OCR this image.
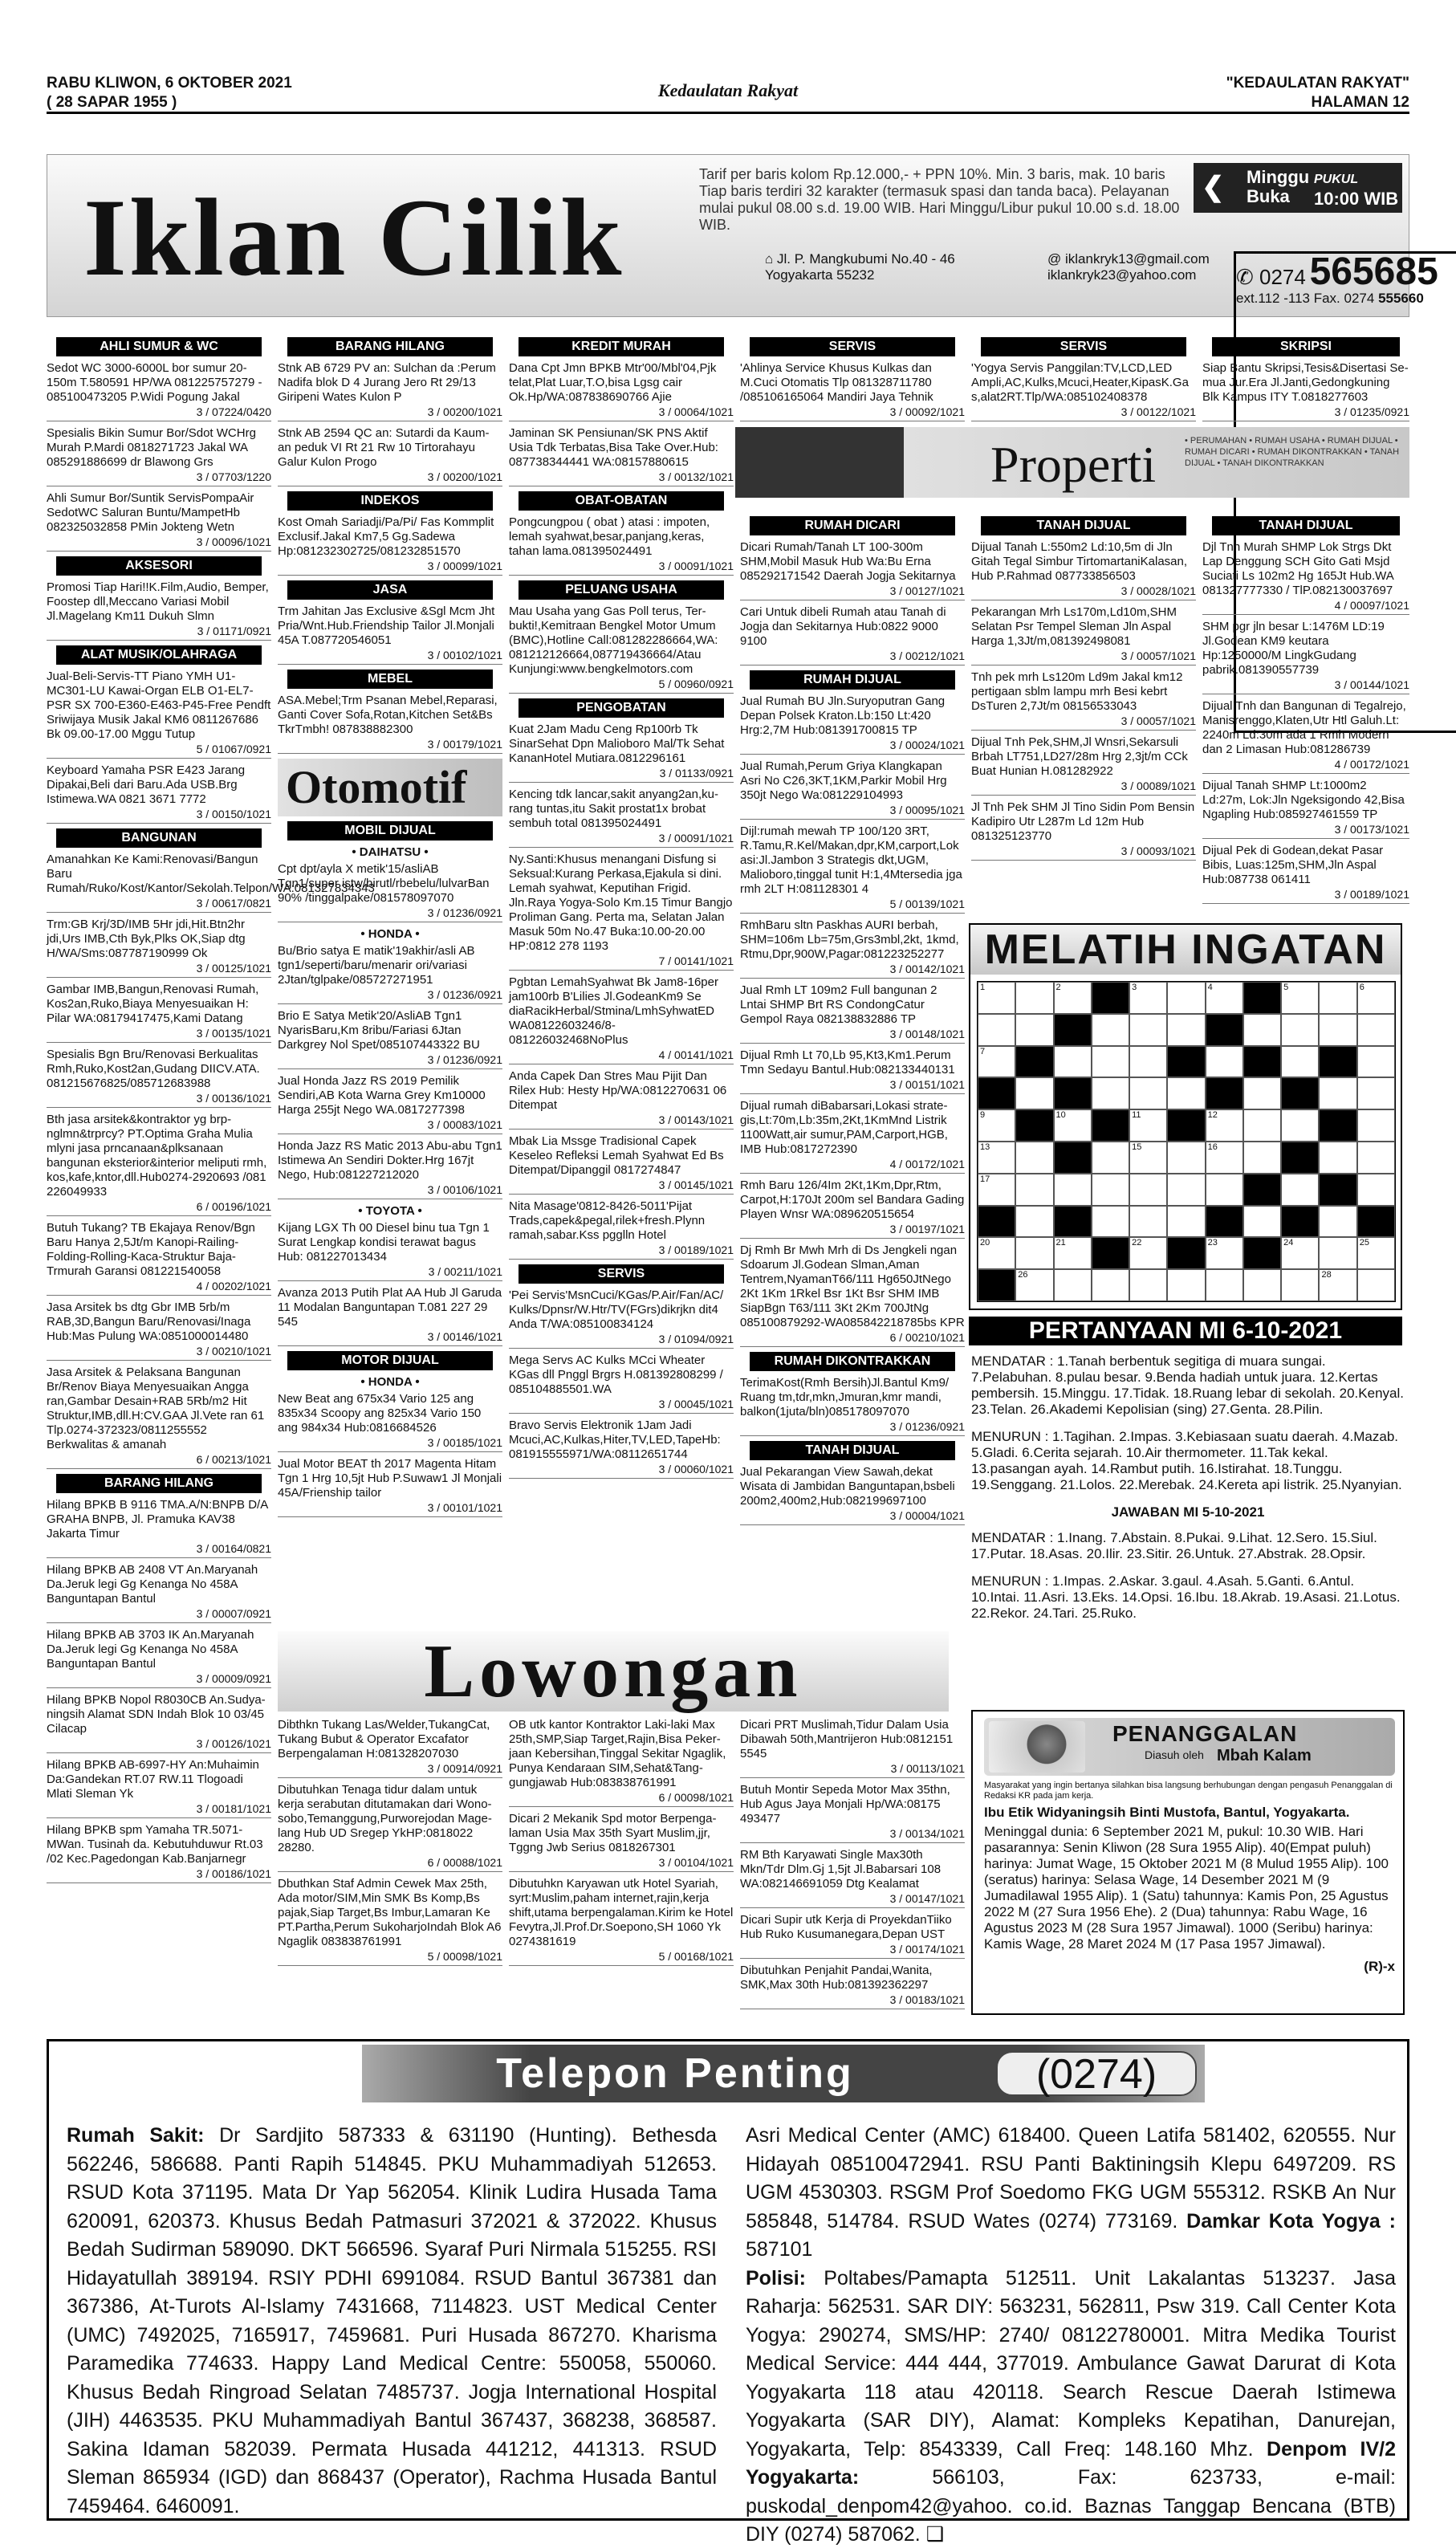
RABU KLIWON, 6 OKTOBER 2021
( 28 SAPAR 1955 )
Kedaulatan Rakyat	"KEDAULATAN RAKYAT"
HALAMAN 12
Iklan Cilik
Tarif per baris kolom Rp.12.000,- + PPN 10%. Min. 3 baris, mak. 10 baris Tiap baris terdiri 32 karakter (termasuk spasi dan tanda baca). Pelayanan mulai pukul 08.00 s.d. 19.00 WIB. Hari Minggu/Libur pukul 10.00 s.d. 18.00 WIB.
❮ Minggu
Buka
PUKUL
10:00 WIB
⌂ Jl. P. Mangkubumi No.40 - 46 Yogyakarta 55232
@ iklankryk13@gmail.com
iklankryk23@yahoo.com	✆ 0274 565685
ext.112 -113 Fax. 0274 555660
AHLI SUMUR & WC
Sedot WC 3000-6000L bor sumur 20-150m T.580591 HP/WA 081225757279 - 085100473205 P.Widi Pogung Jakal
3 / 07224/0420
Spesialis Bikin Sumur Bor/Sdot WCHrg Murah P.Mardi 0818271723 Jakal WA 085291886699 dr Blawong Grs
3 / 07703/1220
Ahli Sumur Bor/Suntik ServisPompaAir SedotWC Saluran Buntu/MampetHb 082325032858 PMin Jokteng Wetn
3 / 00096/1021
AKSESORI
Promosi Tiap Hari!!K.Film,Audio, Bemper, Foostep dll,Meccano Variasi Mobil Jl.Magelang Km11 Dukuh Slmn
3 / 01171/0921
ALAT MUSIK/OLAHRAGA
Jual-Beli-Servis-TT Piano YMH U1-MC301-LU Kawai-Organ ELB O1-EL7-PSR SX 700-E360-E463-P45-Free Pendft Sriwijaya Musik Jakal KM6 0811267686 Bk 09.00-17.00 Mggu Tutup
5 / 01067/0921
Keyboard Yamaha PSR E423 Jarang Dipakai,Beli dari Baru.Ada USB.Brg Istimewa.WA 0821 3671 7772
3 / 00150/1021
BANGUNAN
Amanahkan Ke Kami:Renovasi/Bangun Baru Rumah/Ruko/Kost/Kantor/Sekolah.Telpon/WA:081327834343
3 / 00617/0821
Trm:GB Krj/3D/IMB 5Hr jdi,Hit.Btn2hr jdi,Urs IMB,Cth Byk,Plks OK,Siap dtg H/WA/Sms:087787190999 Ok
3 / 00125/1021
Gambar IMB,Bangun,Renovasi Rumah, Kos2an,Ruko,Biaya Menyesuaikan H: Pilar WA:08179417475,Kami Datang
3 / 00135/1021
Spesialis Bgn Bru/Renovasi Berkualitas Rmh,Ruko,Kost2an,Gudang DIICV.ATA. 081215676825/085712683988
3 / 00136/1021
Bth jasa arsitek&kontraktor yg brp-nglmn&trprcy? PT.Optima Graha Mulia mlyni jasa prncanaan&plksanaan bangunan eksterior&interior meliputi rmh, kos,kafe,kntor,dll.Hub0274-2920693 /081 226049933
6 / 00196/1021
Butuh Tukang? TB Ekajaya Renov/Bgn Baru Hanya 2,5Jt/m Kanopi-Railing-Folding-Rolling-Kaca-Struktur Baja-Trmurah Garansi 081221540058
4 / 00202/1021
Jasa Arsitek bs dtg Gbr IMB 5rb/m RAB,3D,Bangun Baru/Renovasi/Inaga Hub:Mas Pulung WA:0851000014480
3 / 00210/1021
Jasa Arsitek & Pelaksana Bangunan Br/Renov Biaya Menyesuaikan Angga ran,Gambar Desain+RAB 5Rb/m2 Hit Struktur,IMB,dll.H:CV.GAA Jl.Vete ran 61 Tlp.0274-372323/0811255552 Berkwalitas & amanah
6 / 00213/1021
BARANG HILANG
Hilang BPKB B 9116 TMA.A/N:BNPB D/A GRAHA BNPB, Jl. Pramuka KAV38 Jakarta Timur
3 / 00164/0821
Hilang BPKB AB 2408 VT An.Maryanah Da.Jeruk legi Gg Kenanga No 458A Banguntapan Bantul
3 / 00007/0921
Hilang BPKB AB 3703 IK An.Maryanah Da.Jeruk legi Gg Kenanga No 458A Banguntapan Bantul
3 / 00009/0921
Hilang BPKB Nopol R8030CB An.Sudya-ningsih Alamat SDN Indah Blok 10 03/45 Cilacap
3 / 00126/1021
Hilang BPKB AB-6997-HY An:Muhaimin Da:Gandekan RT.07 RW.11 Tlogoadi Mlati Sleman Yk
3 / 00181/1021
Hilang BPKB spm Yamaha TR.5071-MWan. Tusinah da. Kebutuhduwur Rt.03 /02 Kec.Pagedongan Kab.Banjarnegr
3 / 00186/1021
BARANG HILANG
Stnk AB 6729 PV an: Sulchan da :Perum Nadifa blok D 4 Jurang Jero Rt 29/13 Giripeni Wates Kulon P
3 / 00200/1021
Stnk AB 2594 QC an: Sutardi da Kaum-an peduk VI Rt 21 Rw 10 Tirtorahayu Galur Kulon Progo
3 / 00200/1021
INDEKOS
Kost Omah Sariadji/Pa/Pi/ Fas Kommplit Exclusif.Jakal Km7,5 Gg.Sadewa Hp:081232302725/081232851570
3 / 00099/1021
JASA
Trm Jahitan Jas Exclusive &Sgl Mcm Jht Pria/Wnt.Hub.Friendship Tailor Jl.Monjali 45A T.087720546051
3 / 00102/1021
MEBEL
ASA.Mebel;Trm Psanan Mebel,Reparasi, Ganti Cover Sofa,Rotan,Kitchen Set&Bs TkrTmbh! 087838882300
3 / 00179/1021
Otomotif
MOBIL DIJUAL
• DAIHATSU •
Cpt dpt/ayla X metik'15/asliAB Tgn1/super istw/birutl/rbebelu/lulvarBan 90% /tinggalpake/081578097070
3 / 01236/0921
• HONDA •
Bu/Brio satya E matik'19akhir/asli AB tgn1/seperti/baru/menarir ori/variasi 2Jtan/tglpake/085727271951
3 / 01236/0921
Brio E Satya Metik'20/AsliAB Tgn1 NyarisBaru,Km 8ribu/Fariasi 6Jtan Darkgrey Nol Spet/085107443322 BU
3 / 01236/0921
Jual Honda Jazz RS 2019 Pemilik Sendiri,AB Kota Warna Grey Km10000 Harga 255jt Nego WA.0817277398
3 / 00083/1021
Honda Jazz RS Matic 2013 Abu-abu Tgn1 Istimewa An Sendiri Dokter.Hrg 167jt Nego, Hub:081227212020
3 / 00106/1021
• TOYOTA •
Kijang LGX Th 00 Diesel binu tua Tgn 1 Surat Lengkap kondisi terawat bagus Hub: 081227013434
3 / 00211/1021
Avanza 2013 Putih Plat AA Hub Jl Garuda 11 Modalan Banguntapan T.081 227 29 545
3 / 00146/1021
MOTOR DIJUAL
• HONDA •
New Beat ang 675x34 Vario 125 ang 835x34 Scoopy ang 825x34 Vario 150 ang 984x34 Hub:0816684526
3 / 00185/1021
Jual Motor BEAT th 2017 Magenta Hitam Tgn 1 Hrg 10,5jt Hub P.Suwaw1 Jl Monjali 45A/Frienship tailor
3 / 00101/1021
KREDIT MURAH
Dana Cpt Jmn BPKB Mtr'00/Mbl'04,Pjk telat,Plat Luar,T.O,bisa Lgsg cair Ok.Hp/WA:087838690766 Ajie
3 / 00064/1021
Jaminan SK Pensiunan/SK PNS Aktif Usia Tdk Terbatas,Bisa Take Over.Hub: 087738344441 WA:08157880615
3 / 00132/1021
OBAT-OBATAN
Pongcungpou ( obat ) atasi : impoten, lemah syahwat,besar,panjang,keras, tahan lama.081395024491
3 / 00091/1021
PELUANG USAHA
Mau Usaha yang Gas Poll terus, Ter-bukti!,Kemitraan Bengkel Motor Umum (BMC),Hotline Call:081282286664,WA: 081212126664,087719436664/Atau Kunjungi:www.bengkelmotors.com
5 / 00960/0921
PENGOBATAN
Kuat 2Jam Madu Ceng Rp100rb Tk SinarSehat Dpn Malioboro Mal/Tk Sehat KananHotel Mutiara.0812296161
3 / 01133/0921
Kencing tdk lancar,sakit anyang2an,ku-rang tuntas,itu Sakit prostat1x brobat sembuh total 081395024491
3 / 00091/1021
Ny.Santi:Khusus menangani Disfung si Seksual:Kurang Perkasa,Ejakula si dini. Lemah syahwat, Keputihan Frigid. Jln.Raya Yogya-Solo Km.15 Timur Bangjo Proliman Gang. Perta ma, Selatan Jalan Masuk 50m No.47 Buka:10.00-20.00 HP:0812 278 1193
7 / 00141/1021
Pgbtan LemahSyahwat Bk Jam8-16per jam100rb B'Lilies Jl.GodeanKm9 Se diaRacikHerbal/Stmina/LmhSyhwatED WA08122603246/8-081226032468NoPlus
4 / 00141/1021
Anda Capek Dan Stres Mau Pijit Dan Rilex Hub: Hesty Hp/WA:0812270631 06 Ditempat
3 / 00143/1021
Mbak Lia Mssge Tradisional Capek Keseleo Refleksi Lemah Syahwat Ed Bs Ditempat/Dipanggil 0817274847
3 / 00145/1021
Nita Masage'0812-8426-5011'Pijat Trads,capek&pegal,rilek+fresh.Plynn ramah,sabar.Kss pgglln Hotel
3 / 00189/1021
SERVIS
'Pei Servis'MsnCuci/KGas/P.Air/Fan/AC/ Kulks/Dpnsr/W.Htr/TV(FGrs)dikrjkn dit4 Anda T/WA:085100834124
3 / 01094/0921
Mega Servs AC Kulks MCci Wheater KGas dll Pnggl Brgrs H.081392808299 / 085104885501.WA
3 / 00045/1021
Bravo Servis Elektronik 1Jam Jadi Mcuci,AC,Kulkas,Hiter,TV,LED,TapeHb: 081915555971/WA:08112651744
3 / 00060/1021
SERVIS
'Ahlinya Service Khusus Kulkas dan M.Cuci Otomatis Tlp 081328711780 /085106165064 Mandiri Jaya Tehnik
3 / 00092/1021
RUMAH DICARI
Dicari Rumah/Tanah LT 100-300m SHM,Mobil Masuk Hub Wa:Bu Erna 085292171542 Daerah Jogja Sekitarnya
3 / 00127/1021
Cari Untuk dibeli Rumah atau Tanah di Jogja dan Sekitarnya Hub:0822 9000 9100
3 / 00212/1021
RUMAH DIJUAL
Jual Rumah BU Jln.Suryoputran Gang Depan Polsek Kraton.Lb:150 Lt:420 Hrg:2,7M Hub:081391700815 TP
3 / 00024/1021
Jual Rumah,Perum Griya Klangkapan Asri No C26,3KT,1KM,Parkir Mobil Hrg 350jt Nego Wa:081229104993
3 / 00095/1021
Dijl:rumah mewah TP 100/120 3RT, R.Tamu,R.Kel/Makan,dpr,KM,carport,Lok asi:Jl.Jambon 3 Strategis dkt,UGM, Malioboro,tinggal tunit H:1,4Mtersedia jga rmh 2LT H:081128301 4
5 / 00139/1021
RmhBaru sltn Paskhas AURI berbah, SHM=106m Lb=75m,Grs3mbl,2kt, 1kmd, Rtmu,Dpr,900W,Pagar:081223252277
3 / 00142/1021
Jual Rmh LT 109m2 Full bangunan 2 Lntai SHMP Brt RS CondongCatur Gempol Raya 082138832886 TP
3 / 00148/1021
Dijual Rmh Lt 70,Lb 95,Kt3,Km1.Perum Tmn Sedayu Bantul.Hub:082133440131
3 / 00151/1021
Dijual rumah diBabarsari,Lokasi strate-gis,Lt:70m,Lb:35m,2Kt,1KmMnd Listrik 1100Watt,air sumur,PAM,Carport,HGB, IMB Hub:0817272390
4 / 00172/1021
Rmh Baru 126/4Im 2Kt,1Km,Dpr,Rtm, Carpot,H:170Jt 200m sel Bandara Gading Playen Wnsr WA:089620515654
3 / 00197/1021
Dj Rmh Br Mwh Mrh di Ds Jengkeli ngan Sdoarum Jl.Godean Slman,Aman Tentrem,NyamanT66/111 Hg650JtNego 2Kt 1Km 1Rkel Bsr 1Kt Bsr SHM IMB SiapBgn T63/111 3Kt 2Km 700JtNg 085100879292-WA085842218785bs KPR
6 / 00210/1021
RUMAH DIKONTRAKKAN
TerimaKost(Rmh Bersih)Jl.Bantul Km9/ Ruang tm,tdr,mkn,Jmuran,kmr mandi, balkon(1juta/bln)085178097070
3 / 01236/0921
TANAH DIJUAL
Jual Pekarangan View Sawah,dekat Wisata di Jambidan Banguntapan,bsbeli 200m2,400m2,Hub:082199697100
3 / 00004/1021
SERVIS
'Yogya Servis Panggilan:TV,LCD,LED Ampli,AC,Kulks,Mcuci,Heater,KipasK.Ga s,alat2RT.Tlp/WA:085102408378
3 / 00122/1021
TANAH DIJUAL
Dijual Tanah L:550m2 Ld:10,5m di Jln Gitah Tegal Simbur TirtomartaniKalasan, Hub P.Rahmad 087733856503
3 / 00028/1021
Pekarangan Mrh Ls170m,Ld10m,SHM Selatan Psr Tempel Sleman Jln Aspal Harga 1,3Jt/m,081392498081
3 / 00057/1021
Tnh pek mrh Ls120m Ld9m Jakal km12 pertigaan sblm lampu mrh Besi kebrt DsTuren 2,7Jt/m 08156533043
3 / 00057/1021
Dijual Tnh Pek,SHM,Jl Wnsri,Sekarsuli Brbah LT751,LD27/28m Hrg 2,3jt/m CCk Buat Hunian H.081282922
3 / 00089/1021
Jl Tnh Pek SHM Jl Tino Sidin Pom Bensin Kadipiro Utr L287m Ld 12m Hub 081325123770
3 / 00093/1021
SKRIPSI
Siap Bantu Skripsi,Tesis&Disertasi Se-mua Jur.Era Jl.Janti,Gedongkuning Blk Kampus ITY T.0818277603
3 / 01235/0921
TANAH DIJUAL
Djl Tnh Murah SHMP Lok Strgs Dkt Lap Denggung SCH Gito Gati Msjd Suciati Ls 102m2 Hg 165Jt Hub.WA 081327777330 / TlP.082130037697
4 / 00097/1021
SHM pgr jln besar L:1476M LD:19 Jl.Godean KM9 keutara Hp:1250000/M LingkGudang pabrik.081390557739
3 / 00144/1021
Dijual Tnh dan Bangunan di Tegalrejo, Manisrenggo,Klaten,Utr Htl Galuh.Lt: 2240m Ld:30m ada 1 Rmh Modern dan 2 Limasan Hub:081286739
4 / 00172/1021
Dijual Tanah SHMP Lt:1000m2 Ld:27m, Lok:Jln Ngeksigondo 42,Bisa Ngapling Hub:085927461559 TP
3 / 00173/1021
Dijual Pek di Godean,dekat Pasar Bibis, Luas:125m,SHM,Jln Aspal Hub:087738 061411
3 / 00189/1021
Properti	• PERUMAHAN • RUMAH USAHA • RUMAH DIJUAL • RUMAH DICARI • RUMAH DIKONTRAKKAN • TANAH DIJUAL • TANAH DIKONTRAKKAN
MELATIH INGATAN
1	2	3	4	5	6
7
9	10	11	12
13	15	16
17
20	21	22	23	24	25
26	28
PERTANYAAN MI 6-10-2021

MENDATAR : 1.Tanah berbentuk segitiga di muara sungai. 7.Pelabuhan. 8.pulau besar. 9.Benda hadiah untuk juara. 12.Kertas pembersih. 15.Minggu. 17.Tidak. 18.Ruang lebar di sekolah. 20.Kenyal. 23.Telan. 26.Akademi Kepolisian (sing) 27.Genta. 28.Pilin.

MENURUN : 1.Tagihan. 2.Impas. 3.Kebiasaan suatu daerah. 4.Mazab. 5.Gladi. 6.Cerita sejarah. 10.Air thermometer. 11.Tak kekal. 13.pasangan ayah. 14.Rambut putih. 16.Istirahat. 18.Tunggu. 19.Senggang. 21.Lolos. 22.Merebak. 24.Kereta api listrik. 25.Nyanyian.

JAWABAN MI 5-10-2021

MENDATAR : 1.Inang. 7.Abstain. 8.Pukai. 9.Lihat. 12.Sero. 15.Siul. 17.Putar. 18.Asas. 20.Ilir. 23.Sitir. 26.Untuk. 27.Abstrak. 28.Opsir.

MENURUN : 1.Impas. 2.Askar. 3.gaul. 4.Asah. 5.Ganti. 6.Antul. 10.Intai. 11.Asri. 13.Eks. 14.Opsi. 16.Ibu. 18.Akrab. 19.Asasi. 21.Lotus. 22.Rekor. 24.Tari. 25.Ruko.

PENANGGALAN
Diasuh oleh Mbah Kalam
Masyarakat yang ingin bertanya silahkan bisa langsung berhubungan dengan pengasuh Penanggalan di Redaksi KR pada jam kerja.
Ibu Etik Widyaningsih Binti Mustofa, Bantul, Yogyakarta.
Meninggal dunia: 6 September 2021 M, pukul: 10.30 WIB. Hari pasarannya: Senin Kliwon (28 Sura 1955 Alip). 40(Empat puluh) harinya: Jumat Wage, 15 Oktober 2021 M (8 Mulud 1955 Alip). 100 (seratus) harinya: Selasa Wage, 14 Desember 2021 M (9 Jumadilawal 1955 Alip). 1 (Satu) tahunnya: Kamis Pon, 25 Agustus 2022 M (27 Sura 1956 Ehe). 2 (Dua) tahunnya: Rabu Wage, 16 Agustus 2023 M (28 Sura 1957 Jimawal). 1000 (Seribu) harinya: Kamis Wage, 28 Maret 2024 M (17 Pasa 1957 Jimawal).
(R)-x
Lowongan
Dibthkn Tukang Las/Welder,TukangCat, Tukang Bubut & Operator Excafator Berpengalaman H:081328207030
3 / 00914/0921
Dibutuhkan Tenaga tidur dalam untuk kerja serabutan ditutamakan dari Wono-sobo,Temanggung,Purworejodan Mage-lang Hub UD Sregep YkHP:0818022 28280.
6 / 00088/1021
Dbuthkan Staf Admin Cewek Max 25th, Ada motor/SIM,Min SMK Bs Komp,Bs pajak,Siap Target,Bs Imbur,Lamaran Ke PT.Partha,Perum SukoharjoIndah Blok A6 Ngaglik 083838761991
5 / 00098/1021
OB utk kantor Kontraktor Laki-laki Max 25th,SMP,Siap Target,Rajin,Bisa Peker-jaan Kebersihan,Tinggal Sekitar Ngaglik, Punya Kendaraan SIM,Sehat&Tang-gungjawab Hub:083838761991
6 / 00098/1021
Dicari 2 Mekanik Spd motor Berpenga-laman Usia Max 35th Syart Muslim,jjr, Tggng Jwb Serius 0818267301
3 / 00104/1021
Dibutuhkn Karyawan utk Hotel Syariah, syrt:Muslim,paham internet,rajin,kerja shift,utama berpengalaman.Kirim ke Hotel Fevytra,Jl.Prof.Dr.Soepono,SH 1060 Yk 0274381619
5 / 00168/1021
Dicari PRT Muslimah,Tidur Dalam Usia Dibawah 50th,Mantrijeron Hub:0812151 5545
3 / 00113/1021
Butuh Montir Sepeda Motor Max 35thn, Hub Agus Jaya Monjali Hp/WA:08175 493477
3 / 00134/1021
RM Bth Karyawati Single Max30th Mkn/Tdr Dlm.Gj 1,5jt Jl.Babarsari 108 WA:082146691059 Dtg Kealamat
3 / 00147/1021
Dicari Supir utk Kerja di ProyekdanTiiko Hub Ruko Kusumanegara,Depan UST
3 / 00174/1021
Dibutuhkan Penjahit Pandai,Wanita, SMK,Max 30th Hub:081392362297
3 / 00183/1021
Telepon Penting	(0274)
Rumah Sakit: Dr Sardjito 587333 & 631190 (Hunting). Bethesda 562246, 586688. Panti Rapih 514845. PKU Muhammadiyah 512653. RSUD Kota 371195. Mata Dr Yap 562054. Klinik Ludira Husada Tama 620091, 620373. Khusus Bedah Patmasuri 372021 & 372022. Khusus Bedah Sudirman 589090. DKT 566596. Syaraf Puri Nirmala 515255. RSI Hidayatullah 389194. RSIY PDHI 6991084. RSUD Bantul 367381 dan 367386, At-Turots Al-Islamy 7431668, 7114823. UST Medical Center (UMC) 7492025, 7165917, 7459681. Puri Husada 867270. Kharisma Paramedika 774633. Happy Land Medical Centre: 550058, 550060. Khusus Bedah Ringroad Selatan 7485737. Jogja International Hospital (JIH) 4463535. PKU Muhammadiyah Bantul 367437, 368238, 368587. Sakina Idaman 582039. Permata Husada 441212, 441313. RSUD Sleman 865934 (IGD) dan 868437 (Operator), Rachma Husada Bantul 7459464. 6460091.
Asri Medical Center (AMC) 618400. Queen Latifa 581402, 620555. Nur Hidayah 085100472941. RSU Panti Baktiningsih Klepu 6497209. RS UGM 4530303. RSGM Prof Soedomo FKG UGM 555312. RSKB An Nur 585848, 514784. RSUD Wates (0274) 773169. Damkar Kota Yogya : 587101
Polisi: Poltabes/Pamapta 512511. Unit Lakalantas 513237. Jasa Raharja: 562531. SAR DIY: 563231, 562811, Psw 319. Call Center Kota Yogya: 290274, SMS/HP: 2740/ 08122780001. Mitra Medika Tourist Medical Service: 444 444, 377019. Ambulance Gawat Darurat di Kota Yogyakarta 118 atau 420118. Search Rescue Daerah Istimewa Yogyakarta (SAR DIY), Alamat: Kompleks Kepatihan, Danurejan, Yogyakarta, Telp: 8543339, Call Freq: 148.160 Mhz. Denpom IV/2 Yogyakarta:	566103, Fax: 623733, e-mail: puskodal_denpom42@yahoo. co.id. Baznas Tanggap Bencana (BTB) DIY (0274) 587062. ❑
